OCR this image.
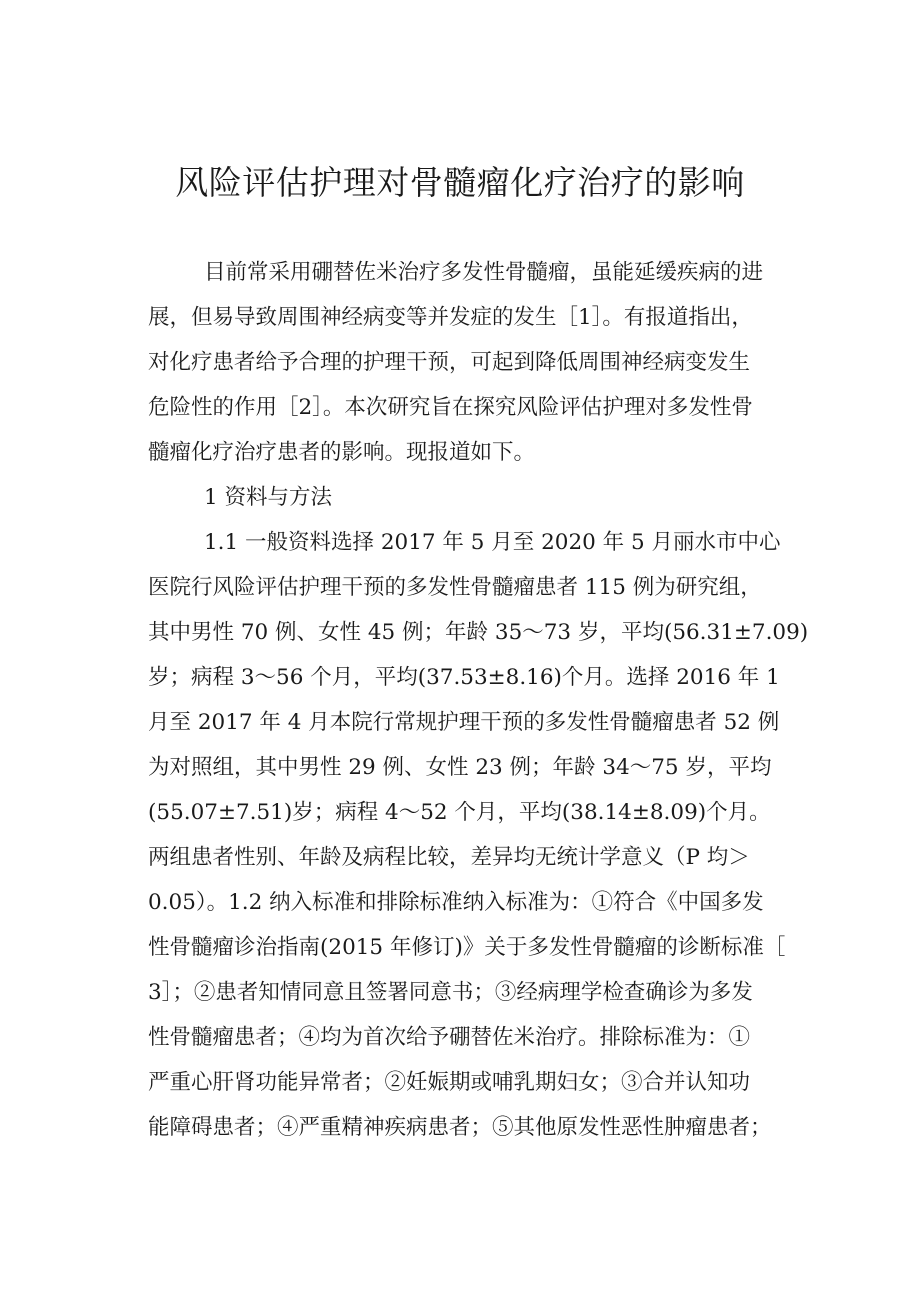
风险评估护理对骨髓瘤化疗治疗的影响
目前常采用硼替佐米治疗多发性骨髓瘤，虽能延缓疾病的进
展，但易导致周围神经病变等并发症的发生［1］。有报道指出，
对化疗患者给予合理的护理干预，可起到降低周围神经病变发生
危险性的作用［2］。本次研究旨在探究风险评估护理对多发性骨
髓瘤化疗治疗患者的影响。现报道如下。
1 资料与方法
1.1 一般资料选择 2017 年 5 月至 2020 年 5 月丽水市中心
医院行风险评估护理干预的多发性骨髓瘤患者 115 例为研究组，
其中男性 70 例、女性 45 例；年龄 35～73 岁，平均(56.31±7.09)
岁；病程 3～56 个月，平均(37.53±8.16)个月。选择 2016 年 1
月至 2017 年 4 月本院行常规护理干预的多发性骨髓瘤患者 52 例
为对照组，其中男性 29 例、女性 23 例；年龄 34～75 岁，平均
(55.07±7.51)岁；病程 4～52 个月，平均(38.14±8.09)个月。
两组患者性别、年龄及病程比较，差异均无统计学意义（P 均＞
0.05）。1.2 纳入标准和排除标准纳入标准为：①符合《中国多发
性骨髓瘤诊治指南(2015 年修订)》关于多发性骨髓瘤的诊断标准［
3］；②患者知情同意且签署同意书；③经病理学检查确诊为多发
性骨髓瘤患者；④均为首次给予硼替佐米治疗。排除标准为：①
严重心肝肾功能异常者；②妊娠期或哺乳期妇女；③合并认知功
能障碍患者；④严重精神疾病患者；⑤其他原发性恶性肿瘤患者；
